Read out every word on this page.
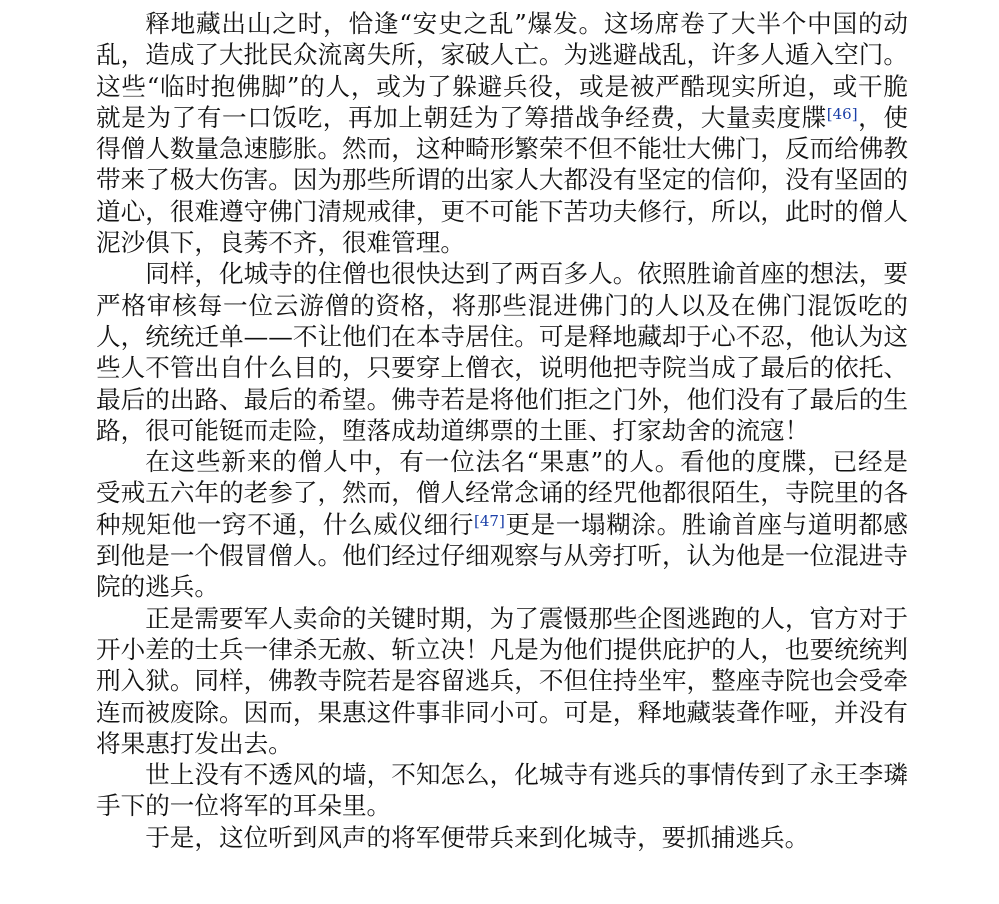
释地藏出山之时，恰逢“安史之乱”爆发。这场席卷了大半个中国的动乱，造成了大批民众流离失所，家破人亡。为逃避战乱，许多人遁入空门。这些“临时抱佛脚”的人，或为了躲避兵役，或是被严酷现实所迫，或干脆就是为了有一口饭吃，再加上朝廷为了筹措战争经费，大量卖度牒[46]，使得僧人数量急速膨胀。然而，这种畸形繁荣不但不能壮大佛门，反而给佛教带来了极大伤害。因为那些所谓的出家人大都没有坚定的信仰，没有坚固的道心，很难遵守佛门清规戒律，更不可能下苦功夫修行，所以，此时的僧人泥沙俱下，良莠不齐，很难管理。

同样，化城寺的住僧也很快达到了两百多人。依照胜谕首座的想法，要严格审核每一位云游僧的资格，将那些混进佛门的人以及在佛门混饭吃的人，统统迁单——不让他们在本寺居住。可是释地藏却于心不忍，他认为这些人不管出自什么目的，只要穿上僧衣，说明他把寺院当成了最后的依托、最后的出路、最后的希望。佛寺若是将他们拒之门外，他们没有了最后的生路，很可能铤而走险，堕落成劫道绑票的土匪、打家劫舍的流寇！

在这些新来的僧人中，有一位法名“果惠”的人。看他的度牒，已经是受戒五六年的老参了，然而，僧人经常念诵的经咒他都很陌生，寺院里的各种规矩他一窍不通，什么威仪细行[47]更是一塌糊涂。胜谕首座与道明都感到他是一个假冒僧人。他们经过仔细观察与从旁打听，认为他是一位混进寺院的逃兵。

正是需要军人卖命的关键时期，为了震慑那些企图逃跑的人，官方对于开小差的士兵一律杀无赦、斩立决！凡是为他们提供庇护的人，也要统统判刑入狱。同样，佛教寺院若是容留逃兵，不但住持坐牢，整座寺院也会受牵连而被废除。因而，果惠这件事非同小可。可是，释地藏装聋作哑，并没有将果惠打发出去。

世上没有不透风的墙，不知怎么，化城寺有逃兵的事情传到了永王李璘手下的一位将军的耳朵里。

于是，这位听到风声的将军便带兵来到化城寺，要抓捕逃兵。
